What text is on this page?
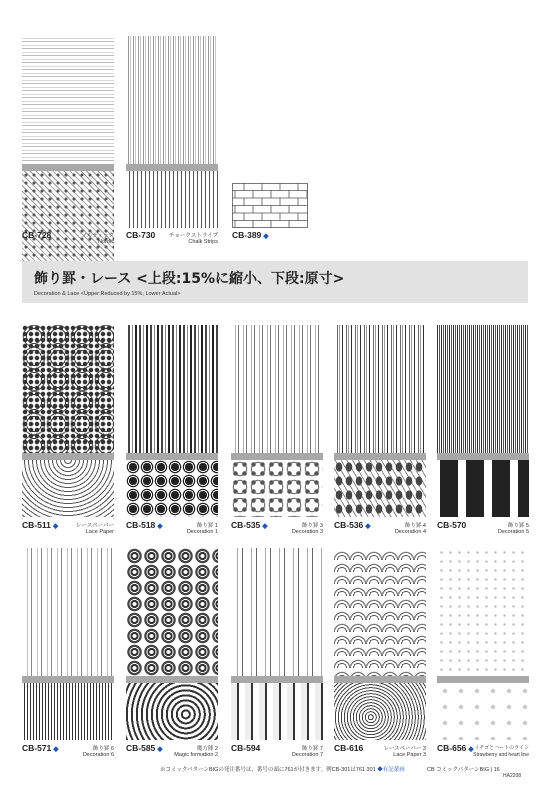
CB-728	ノルディック
Nordic
CB-730	チョークストライプ
Chalk Strips
CB-389 ◆
飾り罫・レース <上段:15%に縮小、下段:原寸>
Decoration & Lace <Upper:Reduced by 15%, Lower:Actual>
CB-511 ◆	レースペーパー
Lace Paper
CB-518 ◆	飾り罫 1
Decoration 1
CB-535 ◆	飾り罫 3
Decoration 3
CB-536 ◆	飾り罫 4
Decoration 4
CB-570	飾り罫 5
Decoration 5
CB-571 ◆	飾り罫 6
Decoration 6
CB-585 ◆	魔方陣 2
Magic formation 2
CB-594	飾り罫 7
Decoration 7
CB-616	レースペーパー 3
Lace Paper 3
CB-656 ◆ イチゴとハートのライン
Strawberry and heart line
※コミックパターンBIGの発注番号は、番号の頭に761が付きます。例CB-301は761 301 ◆有記業画	CB コミックパターンBIG | 16
HA2208
